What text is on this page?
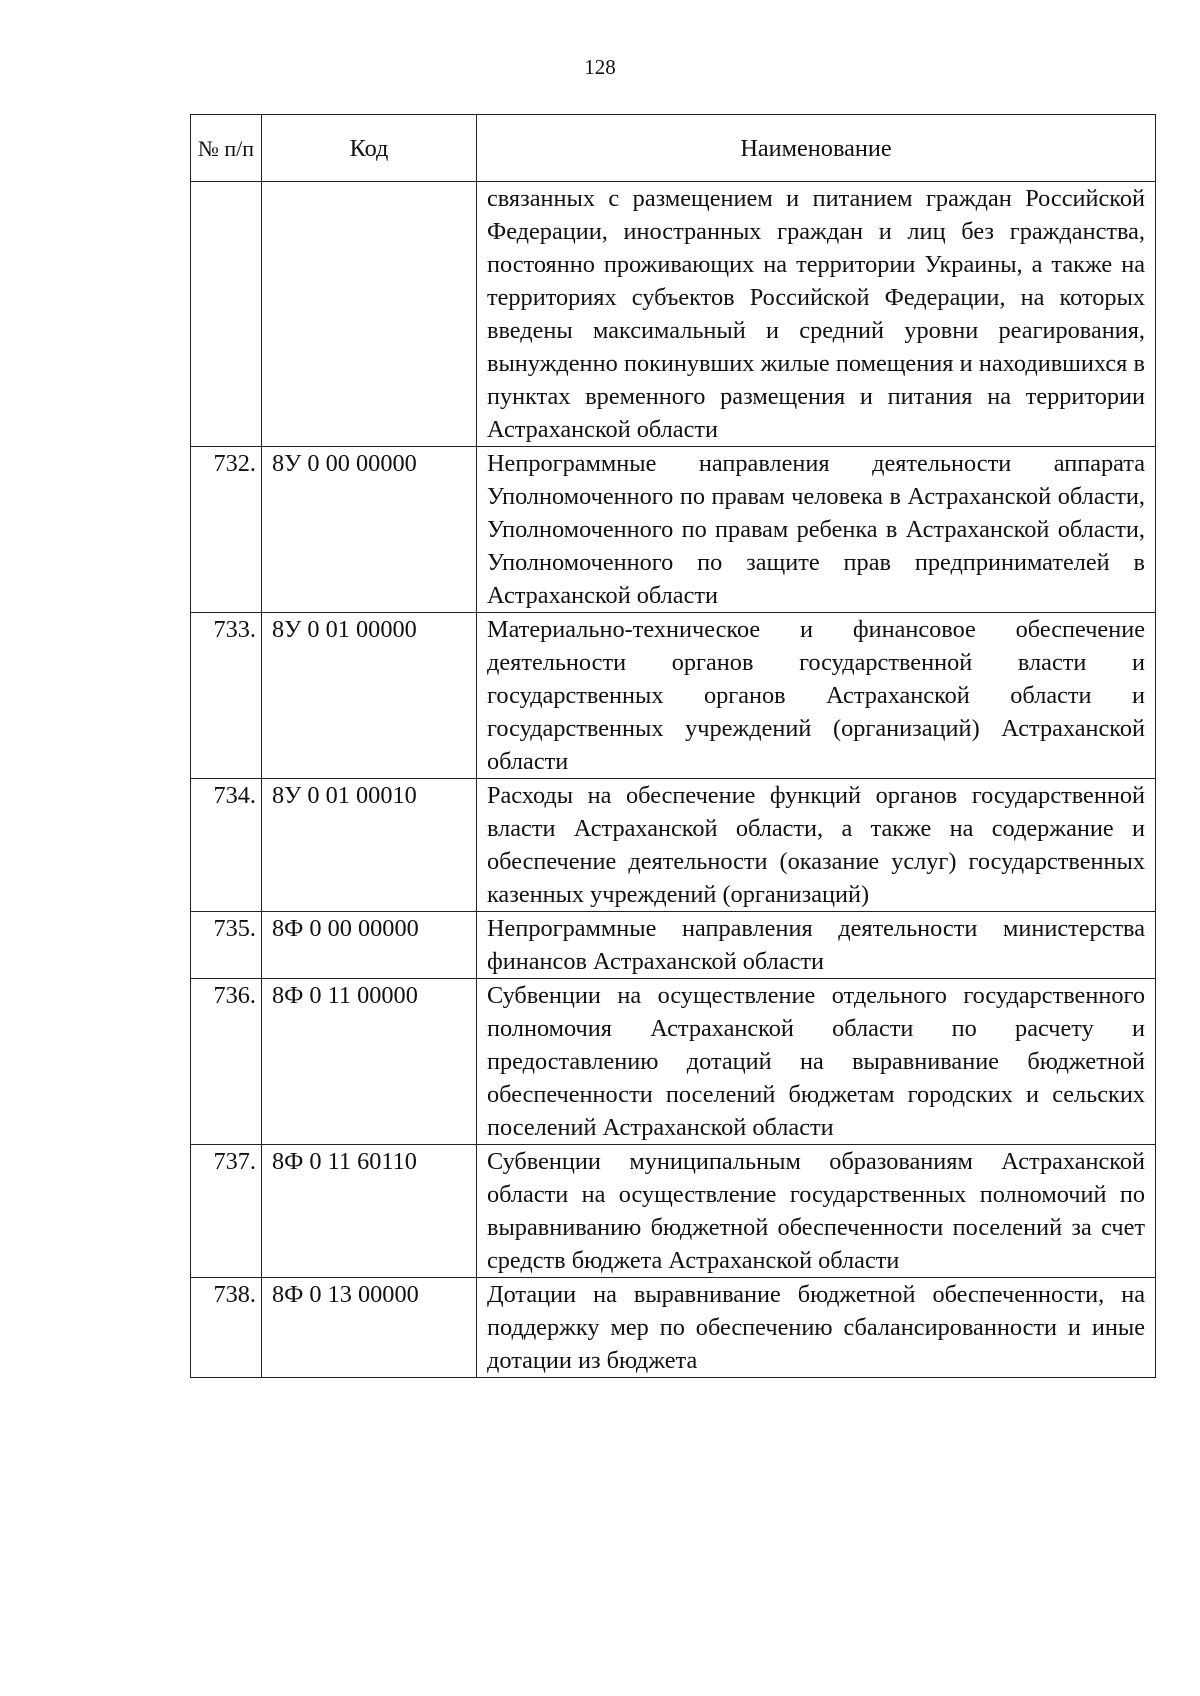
128
№ п/п	Код	Наименование
		связанных с размещением и питанием граждан Российской Федерации, иностранных граждан и лиц без гражданства, постоянно проживающих на территории Украины, а также на территориях субъектов Российской Федерации, на которых введены максимальный и средний уровни реагирования, вынужденно покинувших жилые помещения и находившихся в пунктах временного размещения и питания на территории Астраханской области
732.	8У 0 00 00000	Непрограммные направления деятельности аппарата Уполномоченного по правам человека в Астраханской области, Уполномоченного по правам ребенка в Астраханской области, Уполномоченного по защите прав предпринимателей в Астраханской области
733.	8У 0 01 00000	Материально-техническое и финансовое обеспечение деятельности органов государственной власти и государственных органов Астраханской области и государственных учреждений (организаций) Астраханской области
734.	8У 0 01 00010	Расходы на обеспечение функций органов государственной власти Астраханской области, а также на содержание и обеспечение деятельности (оказание услуг) государственных казенных учреждений (организаций)
735.	8Ф 0 00 00000	Непрограммные направления деятельности министерства финансов Астраханской области
736.	8Ф 0 11 00000	Субвенции на осуществление отдельного государственного полномочия Астраханской области по расчету и предоставлению дотаций на выравнивание бюджетной обеспеченности поселений бюджетам городских и сельских поселений Астраханской области
737.	8Ф 0 11 60110	Субвенции муниципальным образованиям Астраханской области на осуществление государственных полномочий по выравниванию бюджетной обеспеченности поселений за счет средств бюджета Астраханской области
738.	8Ф 0 13 00000	Дотации на выравнивание бюджетной обеспеченности, на поддержку мер по обеспечению сбалансированности и иные дотации из бюджета
